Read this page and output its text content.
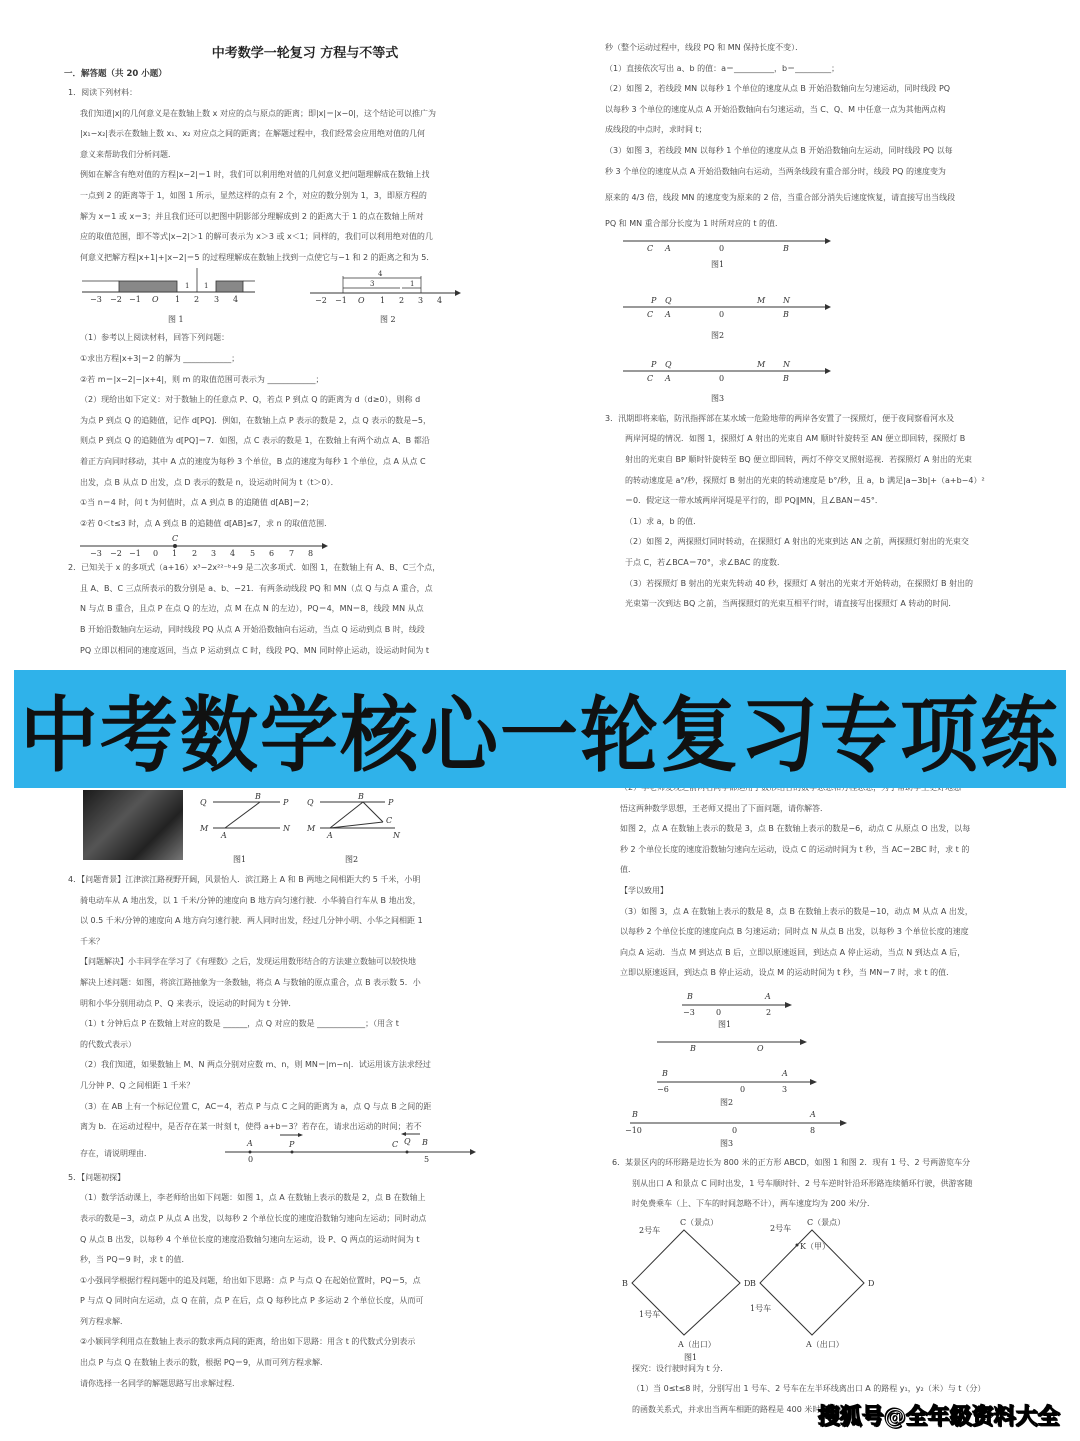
中考数学一轮复习 方程与不等式
一．解答题（共 20 小题）

1．阅读下列材料：

我们知道|x|的几何意义是在数轴上数 x 对应的点与原点的距离；即|x|＝|x−0|，这个结论可以推广为

|x₁−x₂|表示在数轴上数 x₁、x₂ 对应点之间的距离；在解题过程中，我们经常会应用绝对值的几何

意义来帮助我们分析问题．

例如在解含有绝对值的方程|x−2|＝1 时，我们可以利用绝对值的几何意义把问题理解成在数轴上找

一点到 2 的距离等于 1，如图 1 所示，显然这样的点有 2 个，对应的数分别为 1，3，即原方程的

解为 x＝1 或 x＝3；并且我们还可以把图中阴影部分理解成到 2 的距离大于 1 的点在数轴上所对

应的取值范围，即不等式|x−2|＞1 的解可表示为 x＞3 或 x＜1；同样的，我们可以利用绝对值的几

何意义把解方程|x+1|+|x−2|＝5 的过程理解成在数轴上找到一点使它与−1 和 2 的距离之和为 5．

1 1
−3 −2 −1 O 1 2 3 4
图 1
4
3	1
−2 −1 O 1 2 3 4
图 2

（1）参考以上阅读材料，回答下列问题：

①求出方程|x+3|＝2 的解为 ____________；

②若 m＝|x−2|−|x+4|，则 m 的取值范围可表示为 ____________；

（2）现给出如下定义：对于数轴上的任意点 P、Q，若点 P 到点 Q 的距离为 d（d≥0），则称 d

为点 P 到点 Q 的追随值，记作 d[PQ]．例如，在数轴上点 P 表示的数是 2，点 Q 表示的数是−5，

则点 P 到点 Q 的追随值为 d[PQ]＝7．如图，点 C 表示的数是 1，在数轴上有两个动点 A、B 都沿

着正方向同时移动，其中 A 点的速度为每秒 3 个单位，B 点的速度为每秒 1 个单位，点 A 从点 C

出发，点 B 从点 D 出发，点 D 表示的数是 n，设运动时间为 t（t＞0）．

①当 n＝4 时，问 t 为何值时，点 A 到点 B 的追随值 d[AB]＝2；

②若 0＜t≤3 时，点 A 到点 B 的追随值 d[AB]≤7，求 n 的取值范围．

C
−3 −2 −1 0 1 2 3 4 5 6 7 8

2．已知关于 x 的多项式（a+16）x³−2x²²⁻ᵇ+9 是二次多项式．如图 1，在数轴上有 A、B、C三个点，

且 A、B、C 三点所表示的数分别是 a、b、−21．有两条动线段 PQ 和 MN（点 Q 与点 A 重合，点

N 与点 B 重合，且点 P 在点 Q 的左边，点 M 在点 N 的左边），PQ＝4，MN＝8，线段 MN 从点

B 开始沿数轴向左运动，同时线段 PQ 从点 A 开始沿数轴向右运动，当点 Q 运动到点 B 时，线段

PQ 立即以相同的速度返回，当点 P 运动到点 C 时，线段 PQ、MN 同时停止运动，设运动时间为 t

Q
B
P
M
A
N
图1
Q
B
P
M
A
C
N
图2

4．【问题背景】江津滨江路视野开阔，风景怡人．滨江路上 A 和 B 两地之间相距大约 5 千米，小明

骑电动车从 A 地出发，以 1 千米/分钟的速度向 B 地方向匀速行驶．小华骑自行车从 B 地出发，

以 0.5 千米/分钟的速度向 A 地方向匀速行驶．两人同时出发，经过几分钟小明、小华之间相距 1

千米？

【问题解决】小丰同学在学习了《有理数》之后，发现运用数形结合的方法建立数轴可以较快地

解决上述问题：如图，将滨江路抽象为一条数轴，将点 A 与数轴的原点重合，点 B 表示数 5．小

明和小华分别用动点 P、Q 来表示，设运动的时间为 t 分钟．

（1）t 分钟后点 P 在数轴上对应的数是 ______，点 Q 对应的数是 ____________；（用含 t

的代数式表示）

（2）我们知道，如果数轴上 M、N 两点分别对应数 m、n，则 MN＝|m−n|．试运用该方法求经过

几分钟 P、Q 之间相距 1 千米？

（3）在 AB 上有一个标记位置 C，AC＝4，若点 P 与点 C 之间的距离为 a，点 Q 与点 B 之间的距

离为 b．在运动过程中，是否存在某一时刻 t，使得 a+b＝3？若存在，请求出运动的时间；若不

存在，请说明理由．

A	P	C Q B
0	5

5．【问题初探】

（1）数学活动课上，李老师给出如下问题：如图 1，点 A 在数轴上表示的数是 2，点 B 在数轴上

表示的数是−3，动点 P 从点 A 出发，以每秒 2 个单位长度的速度沿数轴匀速向左运动；同时动点

Q 从点 B 出发，以每秒 4 个单位长度的速度沿数轴匀速向左运动，设 P、Q 两点的运动时间为 t

秒，当 PQ＝9 时，求 t 的值．

①小强同学根据行程问题中的追及问题，给出如下思路：点 P 与点 Q 在起始位置时，PQ＝5，点

P 与点 Q 同时向左运动，点 Q 在前，点 P 在后，点 Q 每秒比点 P 多运动 2 个单位长度，从而可

列方程求解．

②小颖同学利用点在数轴上表示的数求两点间的距离，给出如下思路：用含 t 的代数式分别表示

出点 P 与点 Q 在数轴上表示的数，根据 PQ＝9，从而可列方程求解．

请你选择一名同学的解题思路写出求解过程．

秒（整个运动过程中，线段 PQ 和 MN 保持长度不变）．

（1）直接依次写出 a、b 的值：a＝__________，b＝_________；

（2）如图 2，若线段 MN 以每秒 1 个单位的速度从点 B 开始沿数轴向左匀速运动，同时线段 PQ

以每秒 3 个单位的速度从点 A 开始沿数轴向右匀速运动，当 C、Q、M 中任意一点为其他两点构

成线段的中点时，求时间 t；

（3）如图 3，若线段 MN 以每秒 1 个单位的速度从点 B 开始沿数轴向左运动，同时线段 PQ 以每

秒 3 个单位的速度从点 A 开始沿数轴向右运动，当两条线段有重合部分时，线段 PQ 的速度变为

原来的 4/3 倍，线段 MN 的速度变为原来的 2 倍，当重合部分消失后速度恢复，请直接写出当线段

PQ 和 MN 重合部分长度为 1 时所对应的 t 的值．

C A	0	B
图1
P Q
C A	0
M N
B
图2
P Q
C A	0
M N
B
图3

3．汛期即将来临，防汛指挥部在某水域一危险地带的两岸各安置了一探照灯，便于夜间察看河水及

两岸河堤的情况．如图 1，探照灯 A 射出的光束自 AM 顺时针旋转至 AN 便立即回转，探照灯 B

射出的光束自 BP 顺时针旋转至 BQ 便立即回转，两灯不停交叉照射巡视．若探照灯 A 射出的光束

的转动速度是 a°/秒，探照灯 B 射出的光束的转动速度是 b°/秒，且 a，b 满足|a−3b|+（a+b−4）²

＝0．假定这一带水域两岸河堤是平行的，即 PQ∥MN，且∠BAN＝45°．

（1）求 a，b 的值．

（2）如图 2，两探照灯同时转动，在探照灯 A 射出的光束到达 AN 之前，两探照灯射出的光束交

于点 C，若∠BCA＝70°，求∠BAC 的度数．

（3）若探照灯 B 射出的光束先转动 40 秒，探照灯 A 射出的光束才开始转动，在探照灯 B 射出的

光束第一次到达 BQ 之前，当两探照灯的光束互相平行时，请直接写出探照灯 A 转动的时间．

悟这两种数学思想，王老师又提出了下面问题，请你解答．

如图 2，点 A 在数轴上表示的数是 3，点 B 在数轴上表示的数是−6，动点 C 从原点 O 出发，以每

秒 2 个单位长度的速度沿数轴匀速向左运动，设点 C 的运动时间为 t 秒，当 AC＝2BC 时，求 t 的

值．

【学以致用】

（3）如图 3，点 A 在数轴上表示的数是 8，点 B 在数轴上表示的数是−10，动点 M 从点 A 出发，

以每秒 2 个单位长度的速度向点 B 匀速运动；同时点 N 从点 B 出发，以每秒 3 个单位长度的速度

向点 A 运动．当点 M 到达点 B 后，立即以原速返回，到达点 A 停止运动，当点 N 到达点 A 后，

立即以原速返回，到达点 B 停止运动，设点 M 的运动时间为 t 秒，当 MN＝7 时，求 t 的值．

B	A
−3	0	2
图1
B	O
B	A
−6	0	3
图2
B	A
−10	0	8
图3

6．某景区内的环形路是边长为 800 米的正方形 ABCD，如图 1 和图 2．现有 1 号、2 号两游览车分

别从出口 A 和景点 C 同时出发，1 号车顺时针、2 号车逆时针沿环形路连续循环行驶，供游客随

时免费乘车（上、下车的时间忽略不计），两车速度均为 200 米/分．

C（景点）
B	D
A（出口）
2号车
1号车
图1
C（景点）
B	D
K（甲）
A（出口）
2号车
1号车

探究：设行驶时间为 t 分．

（1）当 0≤t≤8 时，分别写出 1 号车、2 号车在左半环线离出口 A 的路程 y₁，y₂（米）与 t（分）

的函数关系式，并求出当两车相距的路程是 400 米时 t 的值；

中考数学核心一轮复习专项练
搜狐号@全年级资料大全
